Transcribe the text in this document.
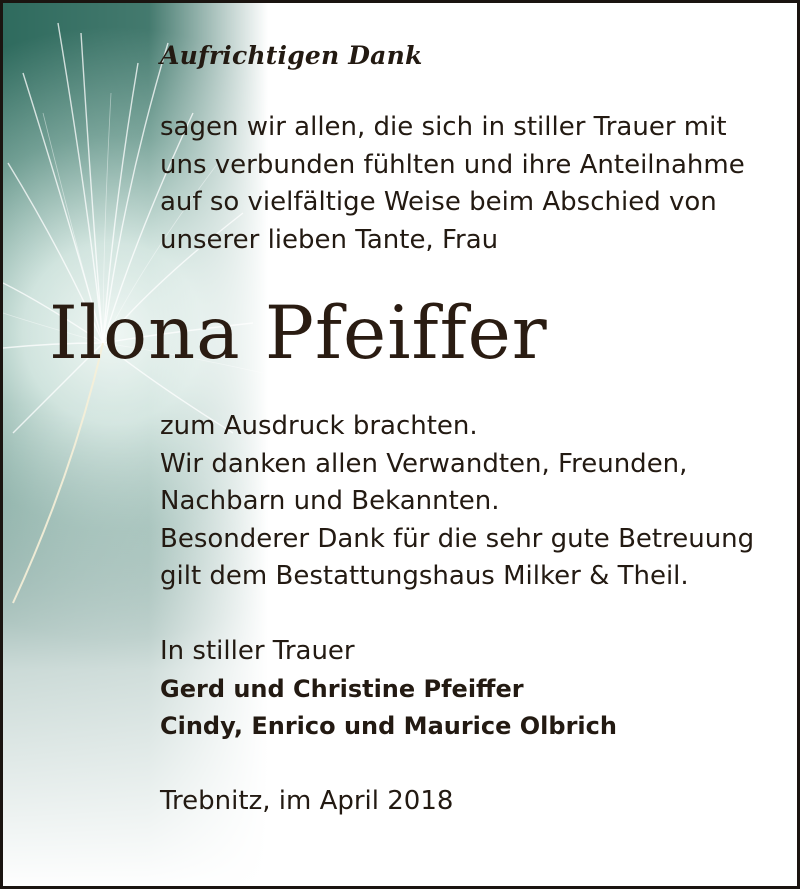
Aufrichtigen Dank
sagen wir allen, die sich in stiller Trauer mit
uns verbunden fühlten und ihre Anteilnahme
auf so vielfältige Weise beim Abschied von
unserer lieben Tante, Frau
Ilona Pfeiffer
zum Ausdruck brachten.
Wir danken allen Verwandten, Freunden,
Nachbarn und Bekannten.
Besonderer Dank für die sehr gute Betreuung
gilt dem Bestattungshaus Milker & Theil.
In stiller Trauer
Gerd und Christine Pfeiffer
Cindy, Enrico und Maurice Olbrich
Trebnitz, im April 2018
